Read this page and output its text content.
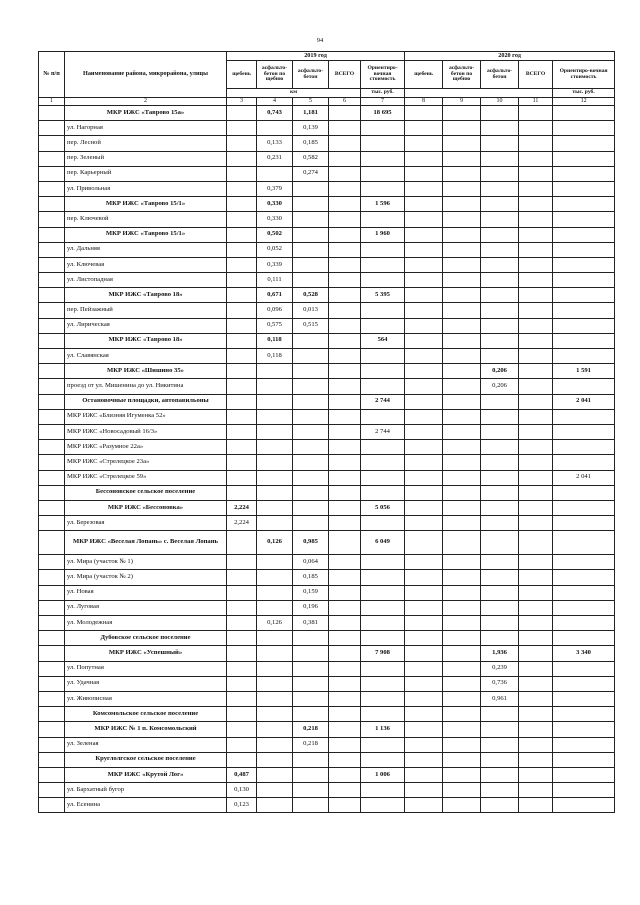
94
№ п/п	Наименование района, микрорайона, улицы	2019 год					2020 год				
		щебень	асфальто-бетон по щебню	асфальто-бетон	ВСЕГО	Ориентиро-вочная стоимость	щебень	асфальто-бетон по щебню	асфальто-бетон	ВСЕГО	Ориентиро-вочная стоимость
		км				тыс. руб.					тыс. руб.
1	2	3	4	5	6	7	8	9	10	11	12
	МКР ИЖС «Таврово 15а»		0,743	1,181		18 695					
	ул. Нагорная			0,139							
	пер. Лесной		0,133	0,185							
	пер. Зеленый		0,231	0,582							
	пер. Карьерный			0,274							
	ул. Привольная		0,379								
	МКР ИЖС «Таврово 15/1»		0,330			1 596					
	пер. Ключевой		0,330								
	МКР ИЖС «Таврово 15/1»		0,502			1 960					
	ул. Дальняя		0,052								
	ул. Ключевая		0,339								
	ул. Листопадная		0,111								
	МКР ИЖС «Таврово 18»		0,671	0,528		5 395					
	пер. Пейзажный		0,096	0,013							
	ул. Лирическая		0,575	0,515							
	МКР ИЖС «Таврово 18»		0,118			564					
	ул. Славянская		0,118								
	МКР ИЖС «Шишино 35»								0,206		1 591
	проезд от ул. Мишенина до ул. Никитина								0,206		
	Остановочные площадки, автопавильоны					2 744					2 041
	МКР ИЖС «Близняя Игуменка 52»										
	МКР ИЖС «Новосадовый 16/3»					2 744					
	МКР ИЖС «Разумное 22а»										
	МКР ИЖС «Стрелецкое 23а»										
	МКР ИЖС «Стрелецкое 59»										2 041
	Бессоновское сельское поселение										
	МКР ИЖС «Бессоновка»	2,224				5 056					
	ул. Березовая	2,224									
	МКР ИЖС «Веселая Лопань» с. Веселая Лопань		0,126	0,985		6 049					
	ул. Мира (участок № 1)			0,064							
	ул. Мира (участок № 2)			0,185							
	ул. Новая			0,159							
	ул. Луговая			0,196							
	ул. Молодежная		0,126	0,381							
	Дубовское сельское поселение										
	МКР ИЖС «Успешный»					7 908			1,936		3 340
	ул. Попутная								0,239		
	ул. Удачная								0,736		
	ул. Живописная								0,961		
	Комсомольское сельское поселение										
	МКР ИЖС № 1 п. Комсомольский			0,218		1 136					
	ул. Зеленая			0,218							
	Круглолгское сельское поселение										
	МКР ИЖС «Крутой Лог»	0,487				1 006					
	ул. Бархатный бугор	0,130									
	ул. Есенина	0,123									
